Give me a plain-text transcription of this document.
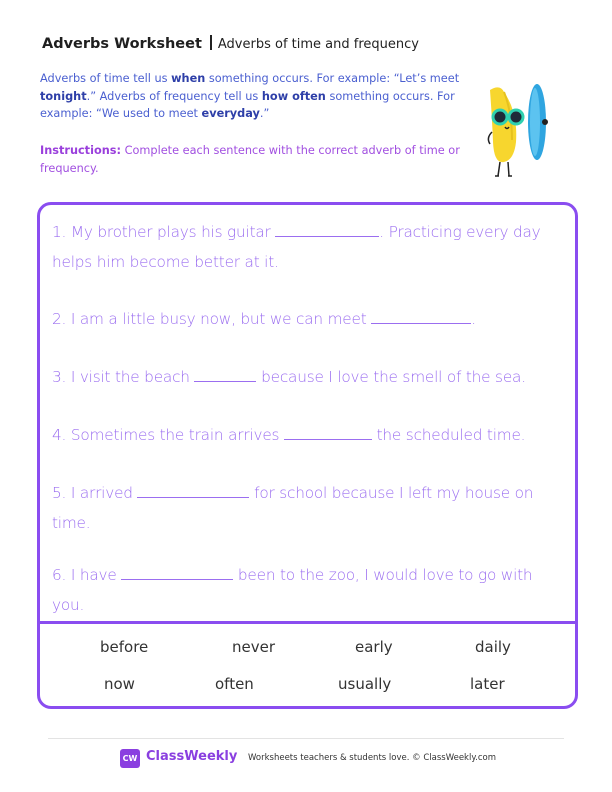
Adverbs Worksheet Adverbs of time and frequency
Adverbs of time tell us when something occurs. For example: “Let’s meet tonight.” Adverbs of frequency tell us how often something occurs. For example: “We used to meet everyday.”
Instructions: Complete each sentence with the correct adverb of time or frequency.
1. My brother plays his guitar	. Practicing every day helps him become better at it.
2. I am a little busy now, but we can meet	.
3. I visit the beach	because I love the smell of the sea.
4. Sometimes the train arrives	the scheduled time.
5. I arrived	for school because I left my house on time.
6. I have	been to the zoo, I would love to go with you.
before	never	early	daily
now	often	usually	later
CW ClassWeekly Worksheets teachers & students love. © ClassWeekly.com
